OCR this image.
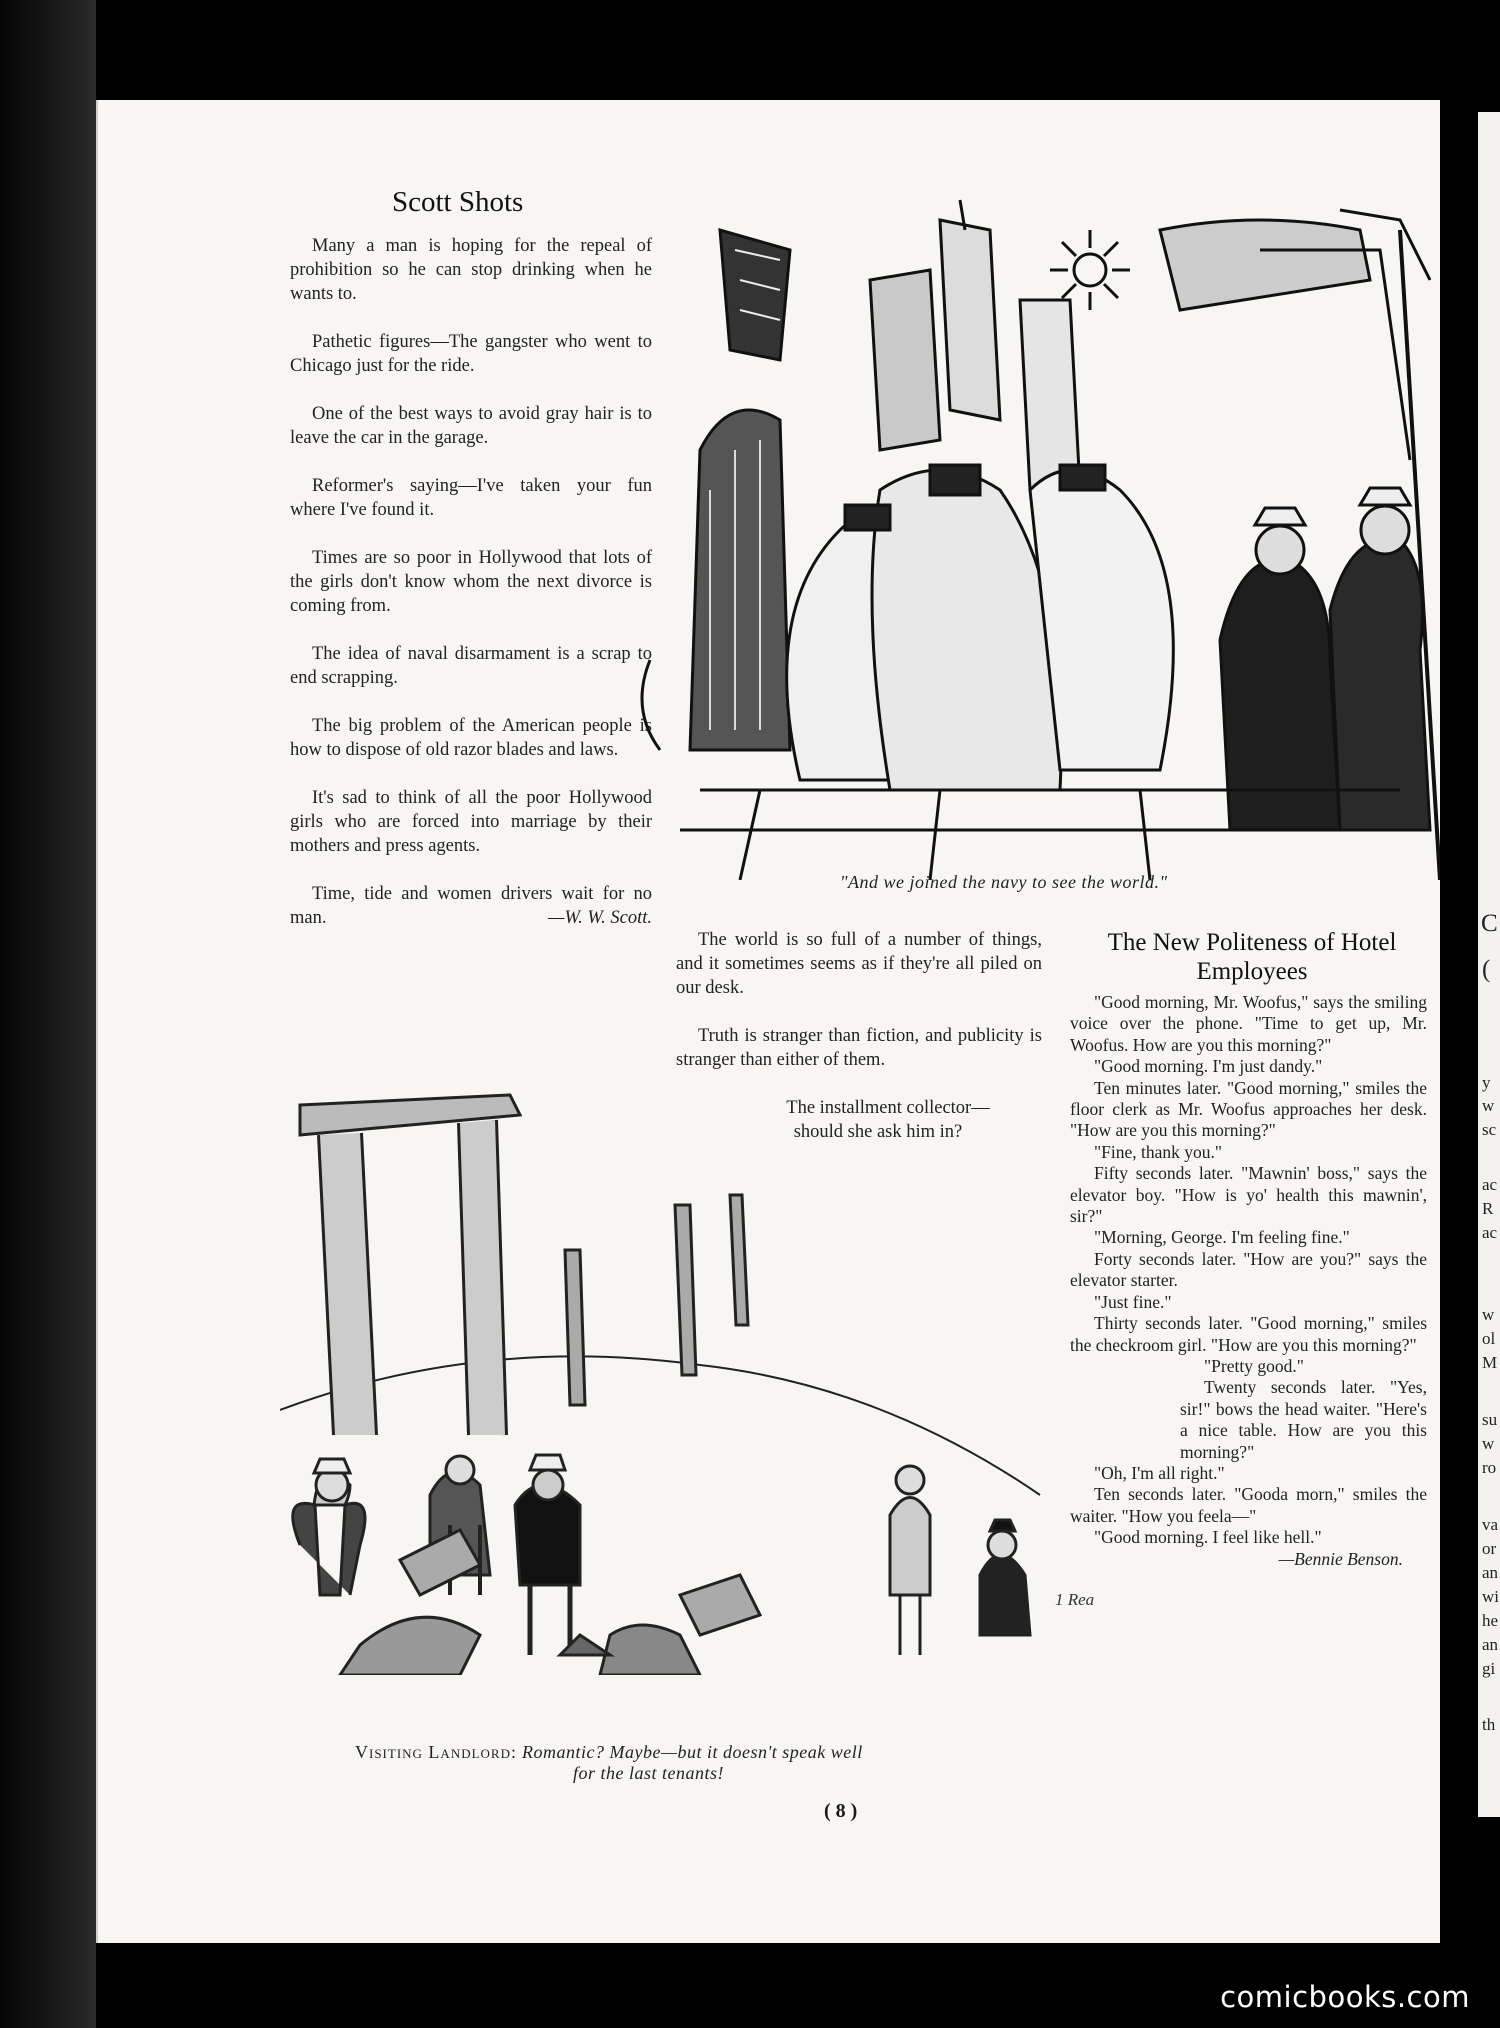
Scott Shots

Many a man is hoping for the repeal of prohibition so he can stop drinking when he wants to.

Pathetic figures—The gangster who went to Chicago just for the ride.

One of the best ways to avoid gray hair is to leave the car in the garage.

Reformer's saying—I've taken your fun where I've found it.

Times are so poor in Hollywood that lots of the girls don't know whom the next divorce is coming from.

The idea of naval disarmament is a scrap to end scrapping.

The big problem of the American people is how to dispose of old razor blades and laws.

It's sad to think of all the poor Hollywood girls who are forced into marriage by their mothers and press agents.

Time, tide and women drivers wait for no man.	—W. W. Scott.

"And we joined the navy to see the world."

The world is so full of a number of things, and it sometimes seems as if they're all piled on our desk.

Truth is stranger than fiction, and publicity is stranger than either of them.

The installment collector— should she ask him in?

The New Politeness of Hotel
Employees

"Good morning, Mr. Woofus," says the smiling voice over the phone. "Time to get up, Mr. Woofus. How are you this morning?"

"Good morning. I'm just dandy."

Ten minutes later. "Good morning," smiles the floor clerk as Mr. Woofus approaches her desk. "How are you this morning?"

"Fine, thank you."

Fifty seconds later. "Mawnin' boss," says the elevator boy. "How is yo' health this mawnin', sir?"

"Morning, George. I'm feeling fine."

Forty seconds later. "How are you?" says the elevator starter.

"Just fine."

Thirty seconds later. "Good morning," smiles the checkroom girl. "How are you this morning?"

"Pretty good."

Twenty seconds later. "Yes, sir!" bows the head waiter. "Here's a nice table. How are you this morning?"

"Oh, I'm all right."

Ten seconds later. "Gooda morn," smiles the waiter. "How you feela—"

"Good morning. I feel like hell."

—Bennie Benson.

1 Rea
Visiting Landlord: Romantic? Maybe—but it doesn't speak well
for the last tenants!
( 8 )
C
(
y
w
sc
ac
R
ac
w
ol
M
su
w
ro
va
or
an
wi
he
an
gi
th
comicbooks.com
